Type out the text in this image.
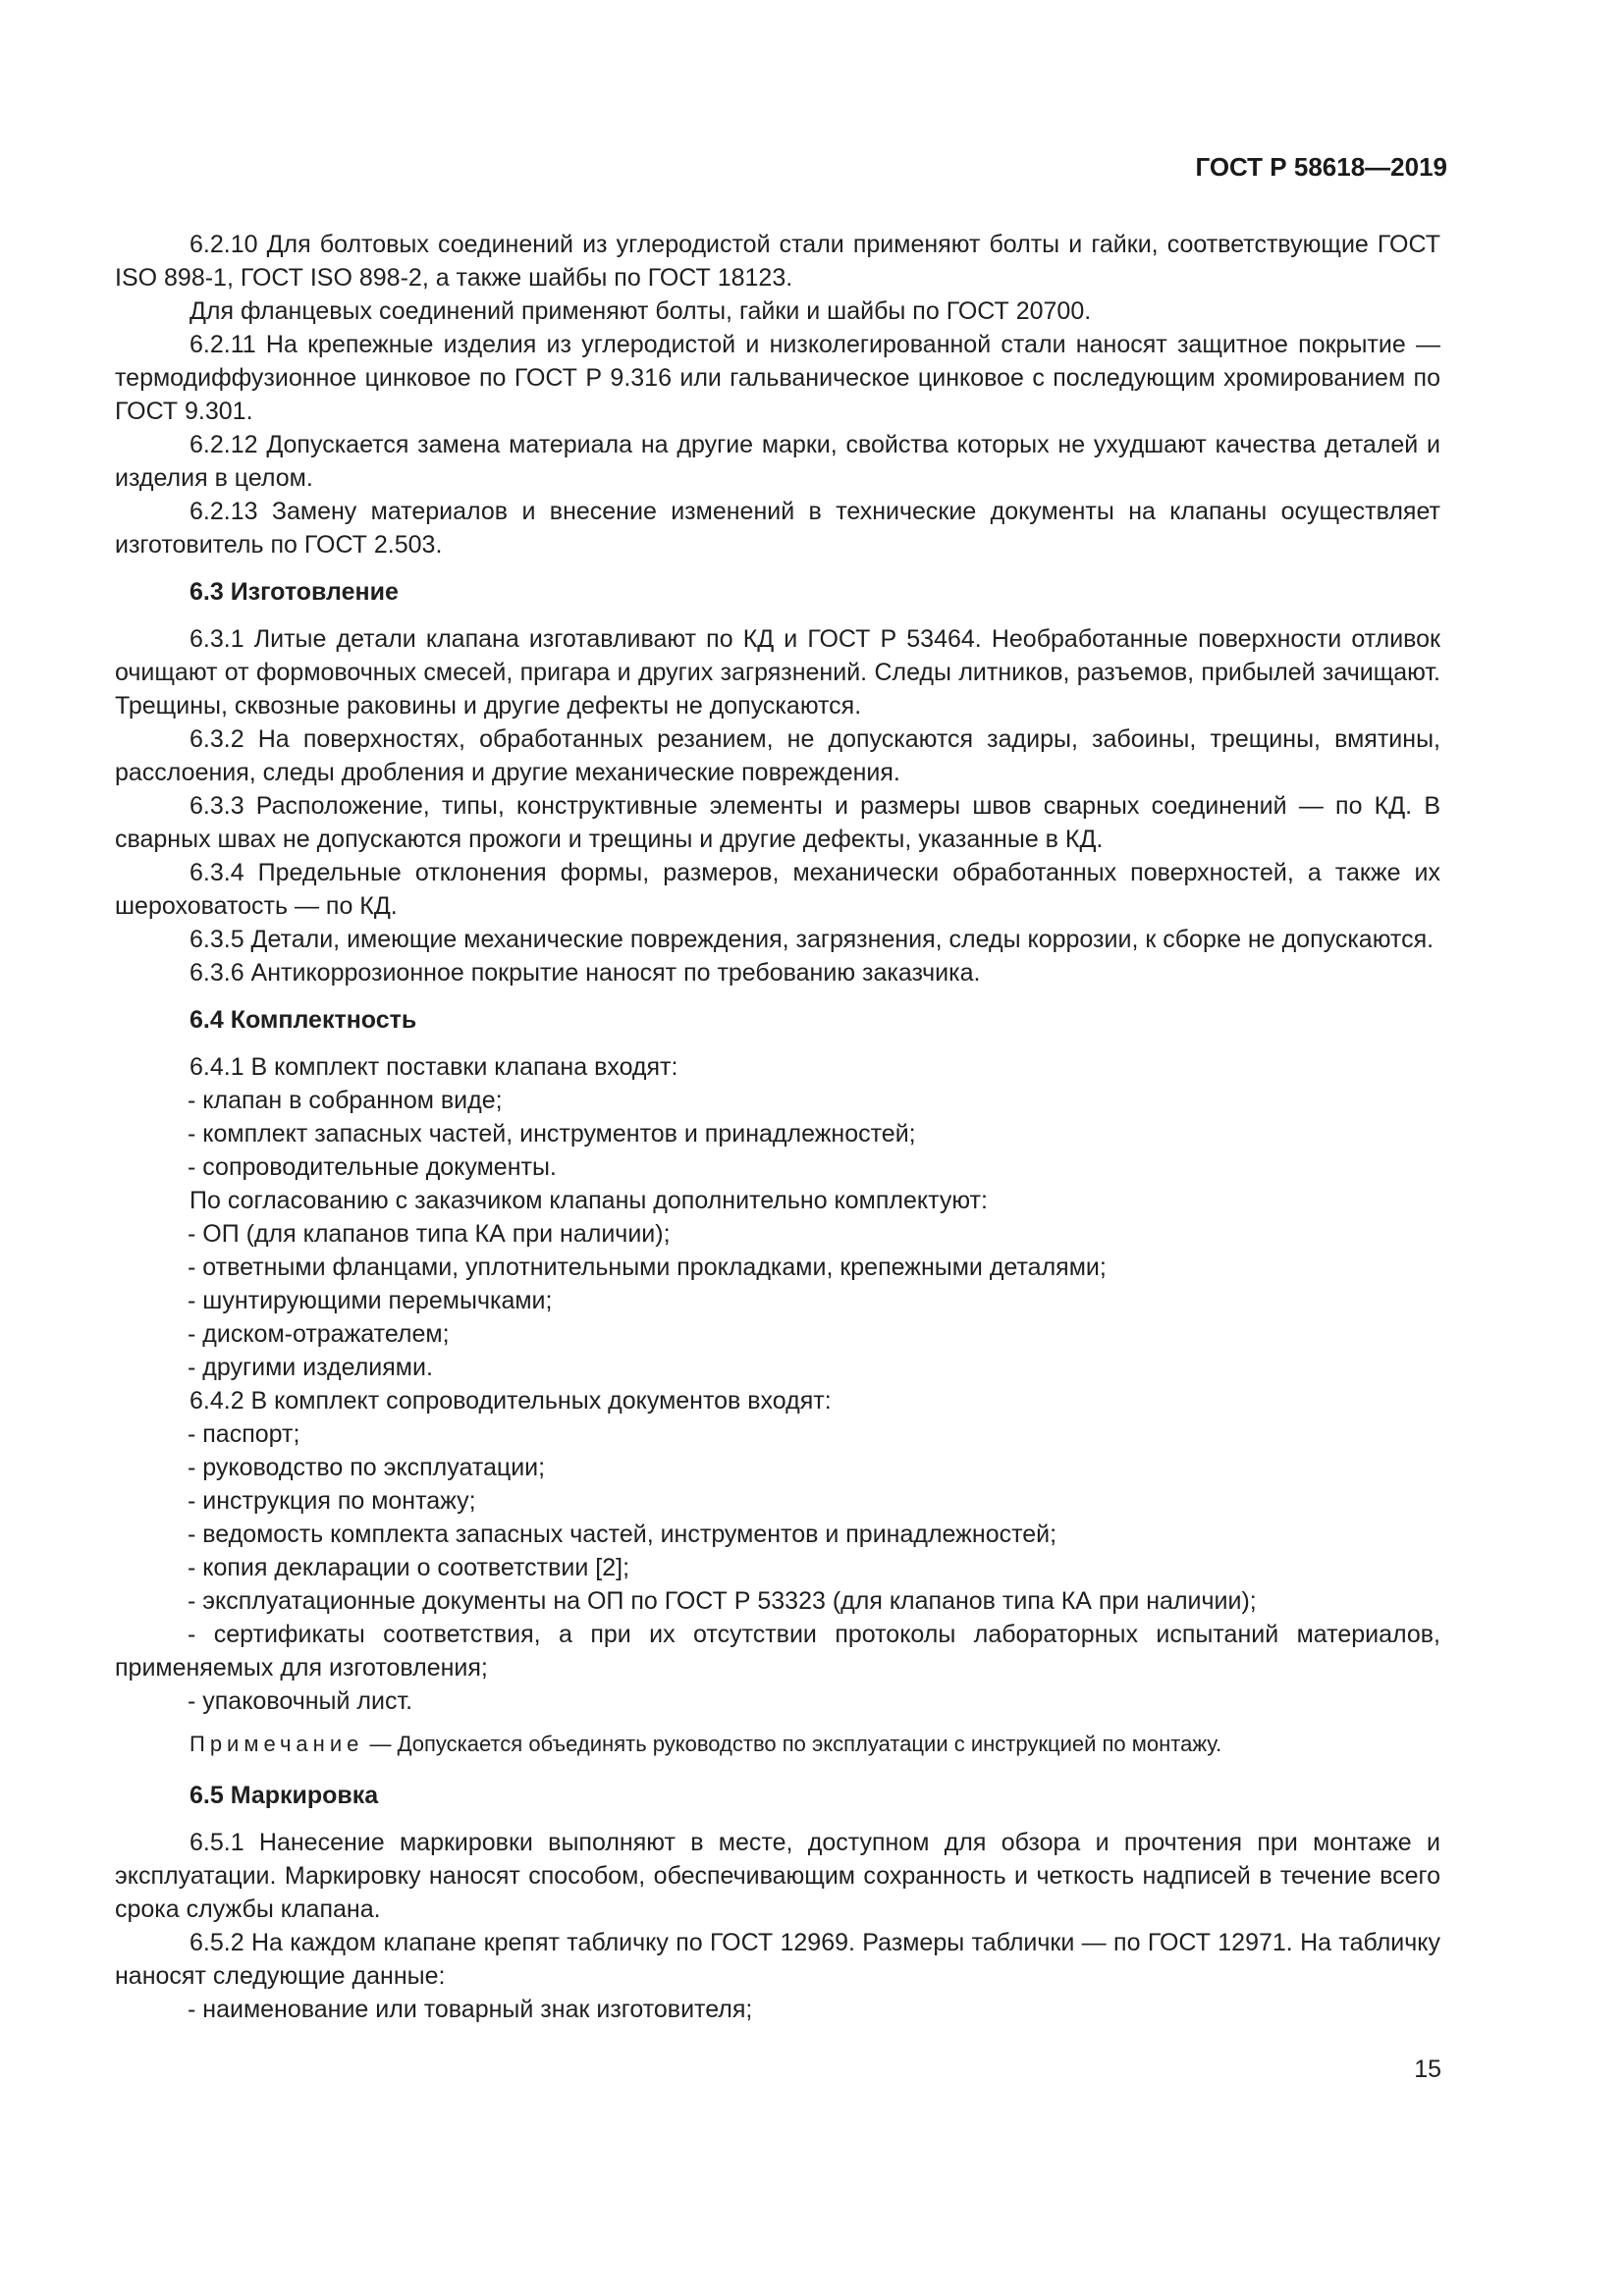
ГОСТ Р 58618—2019

6.2.10 Для болтовых соединений из углеродистой стали применяют болты и гайки, соответствующие ГОСТ ISO 898-1, ГОСТ ISO 898-2, а также шайбы по ГОСТ 18123.

Для фланцевых соединений применяют болты, гайки и шайбы по ГОСТ 20700.

6.2.11 На крепежные изделия из углеродистой и низколегированной стали наносят защитное покрытие — термодиффузионное цинковое по ГОСТ Р 9.316 или гальваническое цинковое с последующим хромированием по ГОСТ 9.301.

6.2.12 Допускается замена материала на другие марки, свойства которых не ухудшают качества деталей и изделия в целом.

6.2.13 Замену материалов и внесение изменений в технические документы на клапаны осуществляет изготовитель по ГОСТ 2.503.

6.3 Изготовление

6.3.1 Литые детали клапана изготавливают по КД и ГОСТ Р 53464. Необработанные поверхности отливок очищают от формовочных смесей, пригара и других загрязнений. Следы литников, разъемов, прибылей зачищают. Трещины, сквозные раковины и другие дефекты не допускаются.

6.3.2 На поверхностях, обработанных резанием, не допускаются задиры, забоины, трещины, вмятины, расслоения, следы дробления и другие механические повреждения.

6.3.3 Расположение, типы, конструктивные элементы и размеры швов сварных соединений — по КД. В сварных швах не допускаются прожоги и трещины и другие дефекты, указанные в КД.

6.3.4 Предельные отклонения формы, размеров, механически обработанных поверхностей, а также их шероховатость — по КД.

6.3.5 Детали, имеющие механические повреждения, загрязнения, следы коррозии, к сборке не допускаются.

6.3.6 Антикоррозионное покрытие наносят по требованию заказчика.

6.4 Комплектность

6.4.1 В комплект поставки клапана входят:

- клапан в собранном виде;

- комплект запасных частей, инструментов и принадлежностей;

- сопроводительные документы.

По согласованию с заказчиком клапаны дополнительно комплектуют:

- ОП (для клапанов типа КА при наличии);

- ответными фланцами, уплотнительными прокладками, крепежными деталями;

- шунтирующими перемычками;

- диском-отражателем;

- другими изделиями.

6.4.2 В комплект сопроводительных документов входят:

- паспорт;

- руководство по эксплуатации;

- инструкция по монтажу;

- ведомость комплекта запасных частей, инструментов и принадлежностей;

- копия декларации о соответствии [2];

- эксплуатационные документы на ОП по ГОСТ Р 53323 (для клапанов типа КА при наличии);

- сертификаты соответствия, а при их отсутствии протоколы лабораторных испытаний материалов, применяемых для изготовления;

- упаковочный лист.

Примечание — Допускается объединять руководство по эксплуатации с инструкцией по монтажу.

6.5 Маркировка

6.5.1 Нанесение маркировки выполняют в месте, доступном для обзора и прочтения при монтаже и эксплуатации. Маркировку наносят способом, обеспечивающим сохранность и четкость надписей в течение всего срока службы клапана.

6.5.2 На каждом клапане крепят табличку по ГОСТ 12969. Размеры таблички — по ГОСТ 12971. На табличку наносят следующие данные:

- наименование или товарный знак изготовителя;

15
